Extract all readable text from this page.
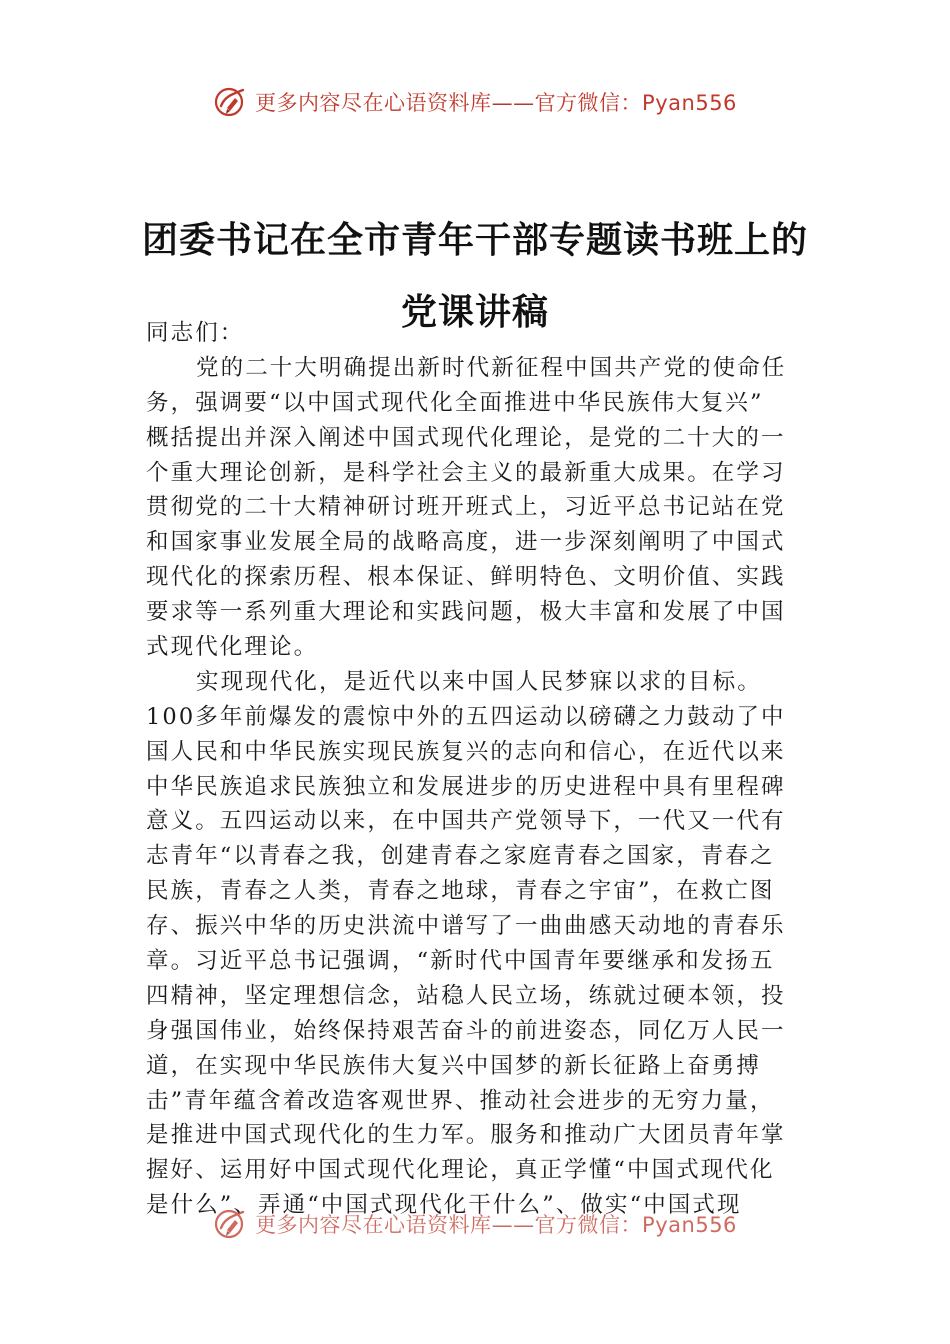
更多内容尽在心语资料库——官方微信：Pyan556
团委书记在全市青年干部专题读书班上的
党课讲稿
同志们：
党的二十大明确提出新时代新征程中国共产党的使命任
务，强调要“以中国式现代化全面推进中华民族伟大复兴”
概括提出并深入阐述中国式现代化理论，是党的二十大的一
个重大理论创新，是科学社会主义的最新重大成果。在学习
贯彻党的二十大精神研讨班开班式上，习近平总书记站在党
和国家事业发展全局的战略高度，进一步深刻阐明了中国式
现代化的探索历程、根本保证、鲜明特色、文明价值、实践
要求等一系列重大理论和实践问题，极大丰富和发展了中国
式现代化理论。
实现现代化，是近代以来中国人民梦寐以求的目标。
100多年前爆发的震惊中外的五四运动以磅礴之力鼓动了中
国人民和中华民族实现民族复兴的志向和信心，在近代以来
中华民族追求民族独立和发展进步的历史进程中具有里程碑
意义。五四运动以来，在中国共产党领导下，一代又一代有
志青年“以青春之我，创建青春之家庭青春之国家，青春之
民族，青春之人类，青春之地球，青春之宇宙”，在救亡图
存、振兴中华的历史洪流中谱写了一曲曲感天动地的青春乐
章。习近平总书记强调，“新时代中国青年要继承和发扬五
四精神，坚定理想信念，站稳人民立场，练就过硬本领，投
身强国伟业，始终保持艰苦奋斗的前进姿态，同亿万人民一
道，在实现中华民族伟大复兴中国梦的新长征路上奋勇搏
击”青年蕴含着改造客观世界、推动社会进步的无穷力量，
是推进中国式现代化的生力军。服务和推动广大团员青年掌
握好、运用好中国式现代化理论，真正学懂“中国式现代化
是什么”、弄通“中国式现代化干什么”、做实“中国式现
更多内容尽在心语资料库——官方微信：Pyan556
